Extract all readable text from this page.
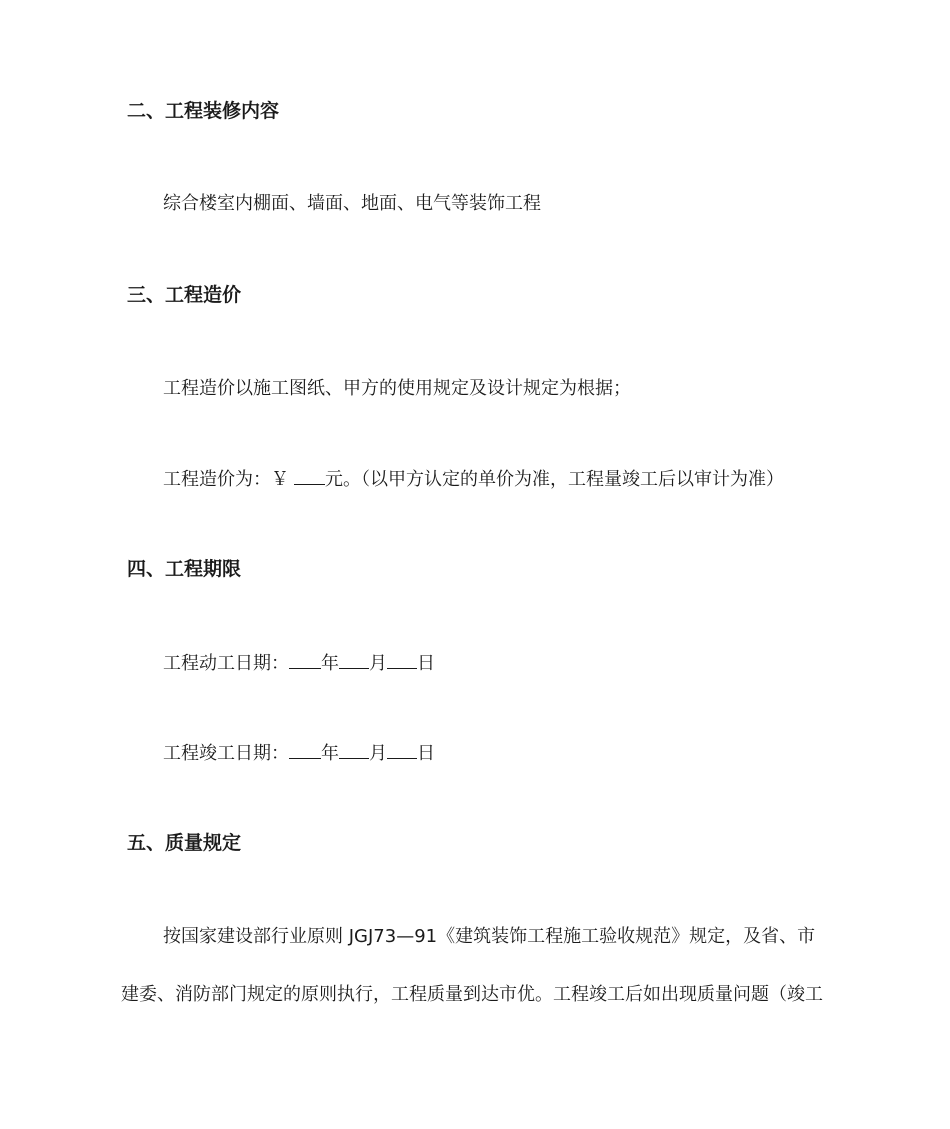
二、工程装修内容
综合楼室内棚面、墙面、地面、电气等装饰工程
三、工程造价
工程造价以施工图纸、甲方的使用规定及设计规定为根据；
工程造价为：￥ 元。（以甲方认定的单价为准，工程量竣工后以审计为准）
四、工程期限
工程动工日期： 年 月 日
工程竣工日期： 年 月 日
五、质量规定
按国家建设部行业原则 JGJ73—91《建筑装饰工程施工验收规范》规定，及省、市
建委、消防部门规定的原则执行，工程质量到达市优。工程竣工后如出现质量问题（竣工
